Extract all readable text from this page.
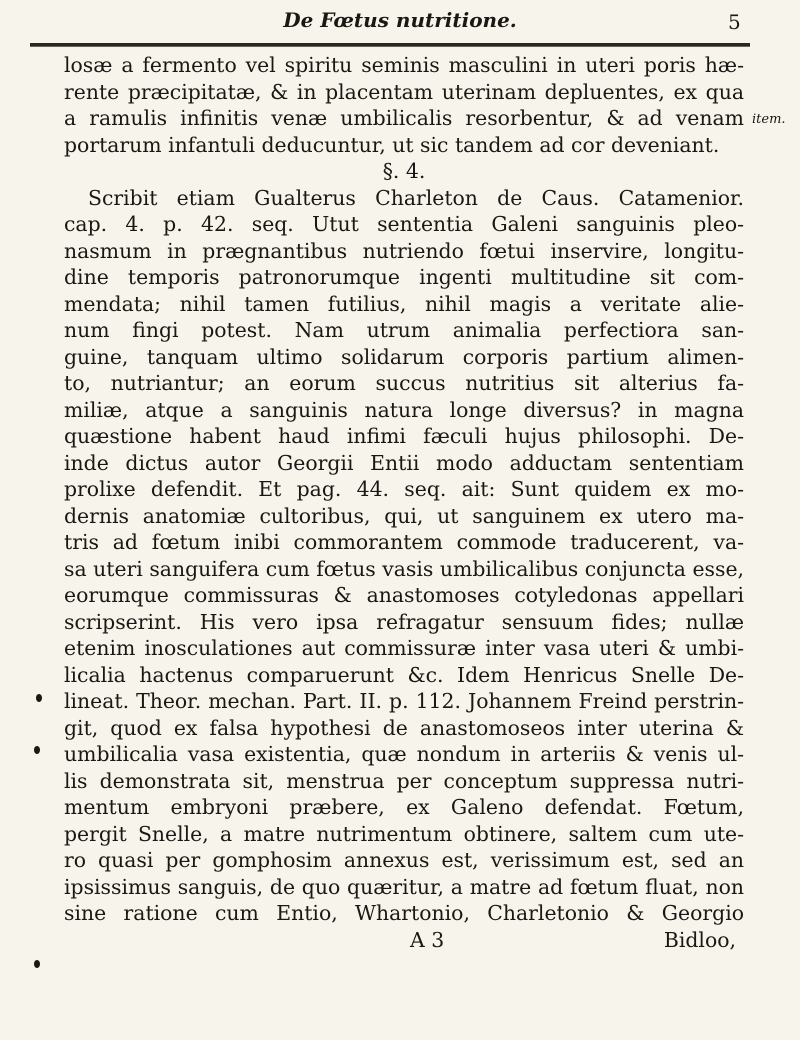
De Fœtus nutritione.	5
item.
losæ a fermento vel spiritu seminis masculini in uteri poris hæ-
rente præcipitatæ, & in placentam uterinam depluentes, ex qua
a ramulis infinitis venæ umbilicalis resorbentur, & ad venam
portarum infantuli deducuntur, ut sic tandem ad cor deveniant.
§. 4.
Scribit etiam Gualterus Charleton de Caus. Catamenior.
cap. 4. p. 42. seq. Utut sententia Galeni sanguinis pleo-
nasmum in prægnantibus nutriendo fœtui inservire, longitu-
dine temporis patronorumque ingenti multitudine sit com-
mendata; nihil tamen futilius, nihil magis a veritate alie-
num fingi potest. Nam utrum animalia perfectiora san-
guine, tanquam ultimo solidarum corporis partium alimen-
to, nutriantur; an eorum succus nutritius sit alterius fa-
miliæ, atque a sanguinis natura longe diversus? in magna
quæstione habent haud infimi fæculi hujus philosophi. De-
inde dictus autor Georgii Entii modo adductam sententiam
prolixe defendit. Et pag. 44. seq. ait: Sunt quidem ex mo-
dernis anatomiæ cultoribus, qui, ut sanguinem ex utero ma-
tris ad fœtum inibi commorantem commode traducerent, va-
sa uteri sanguifera cum fœtus vasis umbilicalibus conjuncta esse,
eorumque commissuras & anastomoses cotyledonas appellari
scripserint. His vero ipsa refragatur sensuum fides; nullæ
etenim inosculationes aut commissuræ inter vasa uteri & umbi-
licalia hactenus comparuerunt &c. Idem Henricus Snelle De-
lineat. Theor. mechan. Part. II. p. 112. Johannem Freind perstrin-
git, quod ex falsa hypothesi de anastomoseos inter uterina &
umbilicalia vasa existentia, quæ nondum in arteriis & venis ul-
lis demonstrata sit, menstrua per conceptum suppressa nutri-
mentum embryoni præbere, ex Galeno defendat. Fœtum,
pergit Snelle, a matre nutrimentum obtinere, saltem cum ute-
ro quasi per gomphosim annexus est, verissimum est, sed an
ipsissimus sanguis, de quo quæritur, a matre ad fœtum fluat, non
sine ratione cum Entio, Whartonio, Charletonio & Georgio
A 3	Bidloo,
